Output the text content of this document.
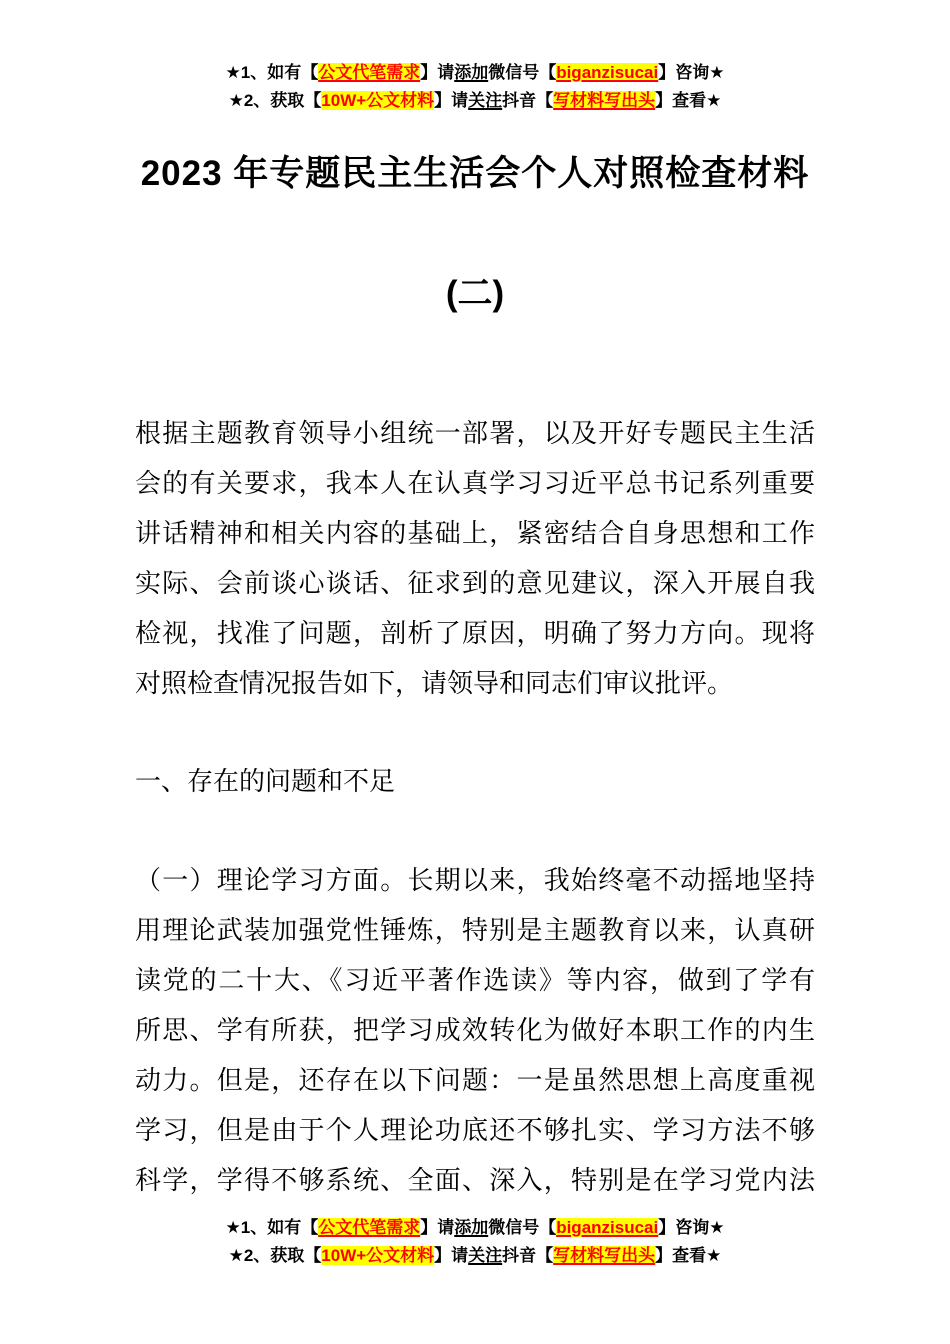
★1、如有【公文代笔需求】请添加微信号【biganzisucai】咨询★
★2、获取【10W+公文材料】请关注抖音【写材料写出头】查看★
2023 年专题民主生活会个人对照检查材料
(二)
根据主题教育领导小组统一部署，以及开好专题民主生活
会的有关要求，我本人在认真学习习近平总书记系列重要
讲话精神和相关内容的基础上，紧密结合自身思想和工作
实际、会前谈心谈话、征求到的意见建议，深入开展自我
检视，找准了问题，剖析了原因，明确了努力方向。现将
对照检查情况报告如下，请领导和同志们审议批评。
一、存在的问题和不足
（一）理论学习方面。长期以来，我始终毫不动摇地坚持
用理论武装加强党性锤炼，特别是主题教育以来，认真研
读党的二十大、《习近平著作选读》等内容，做到了学有
所思、学有所获，把学习成效转化为做好本职工作的内生
动力。但是，还存在以下问题：一是虽然思想上高度重视
学习，但是由于个人理论功底还不够扎实、学习方法不够
科学，学得不够系统、全面、深入，特别是在学习党内法
★1、如有【公文代笔需求】请添加微信号【biganzisucai】咨询★
★2、获取【10W+公文材料】请关注抖音【写材料写出头】查看★
